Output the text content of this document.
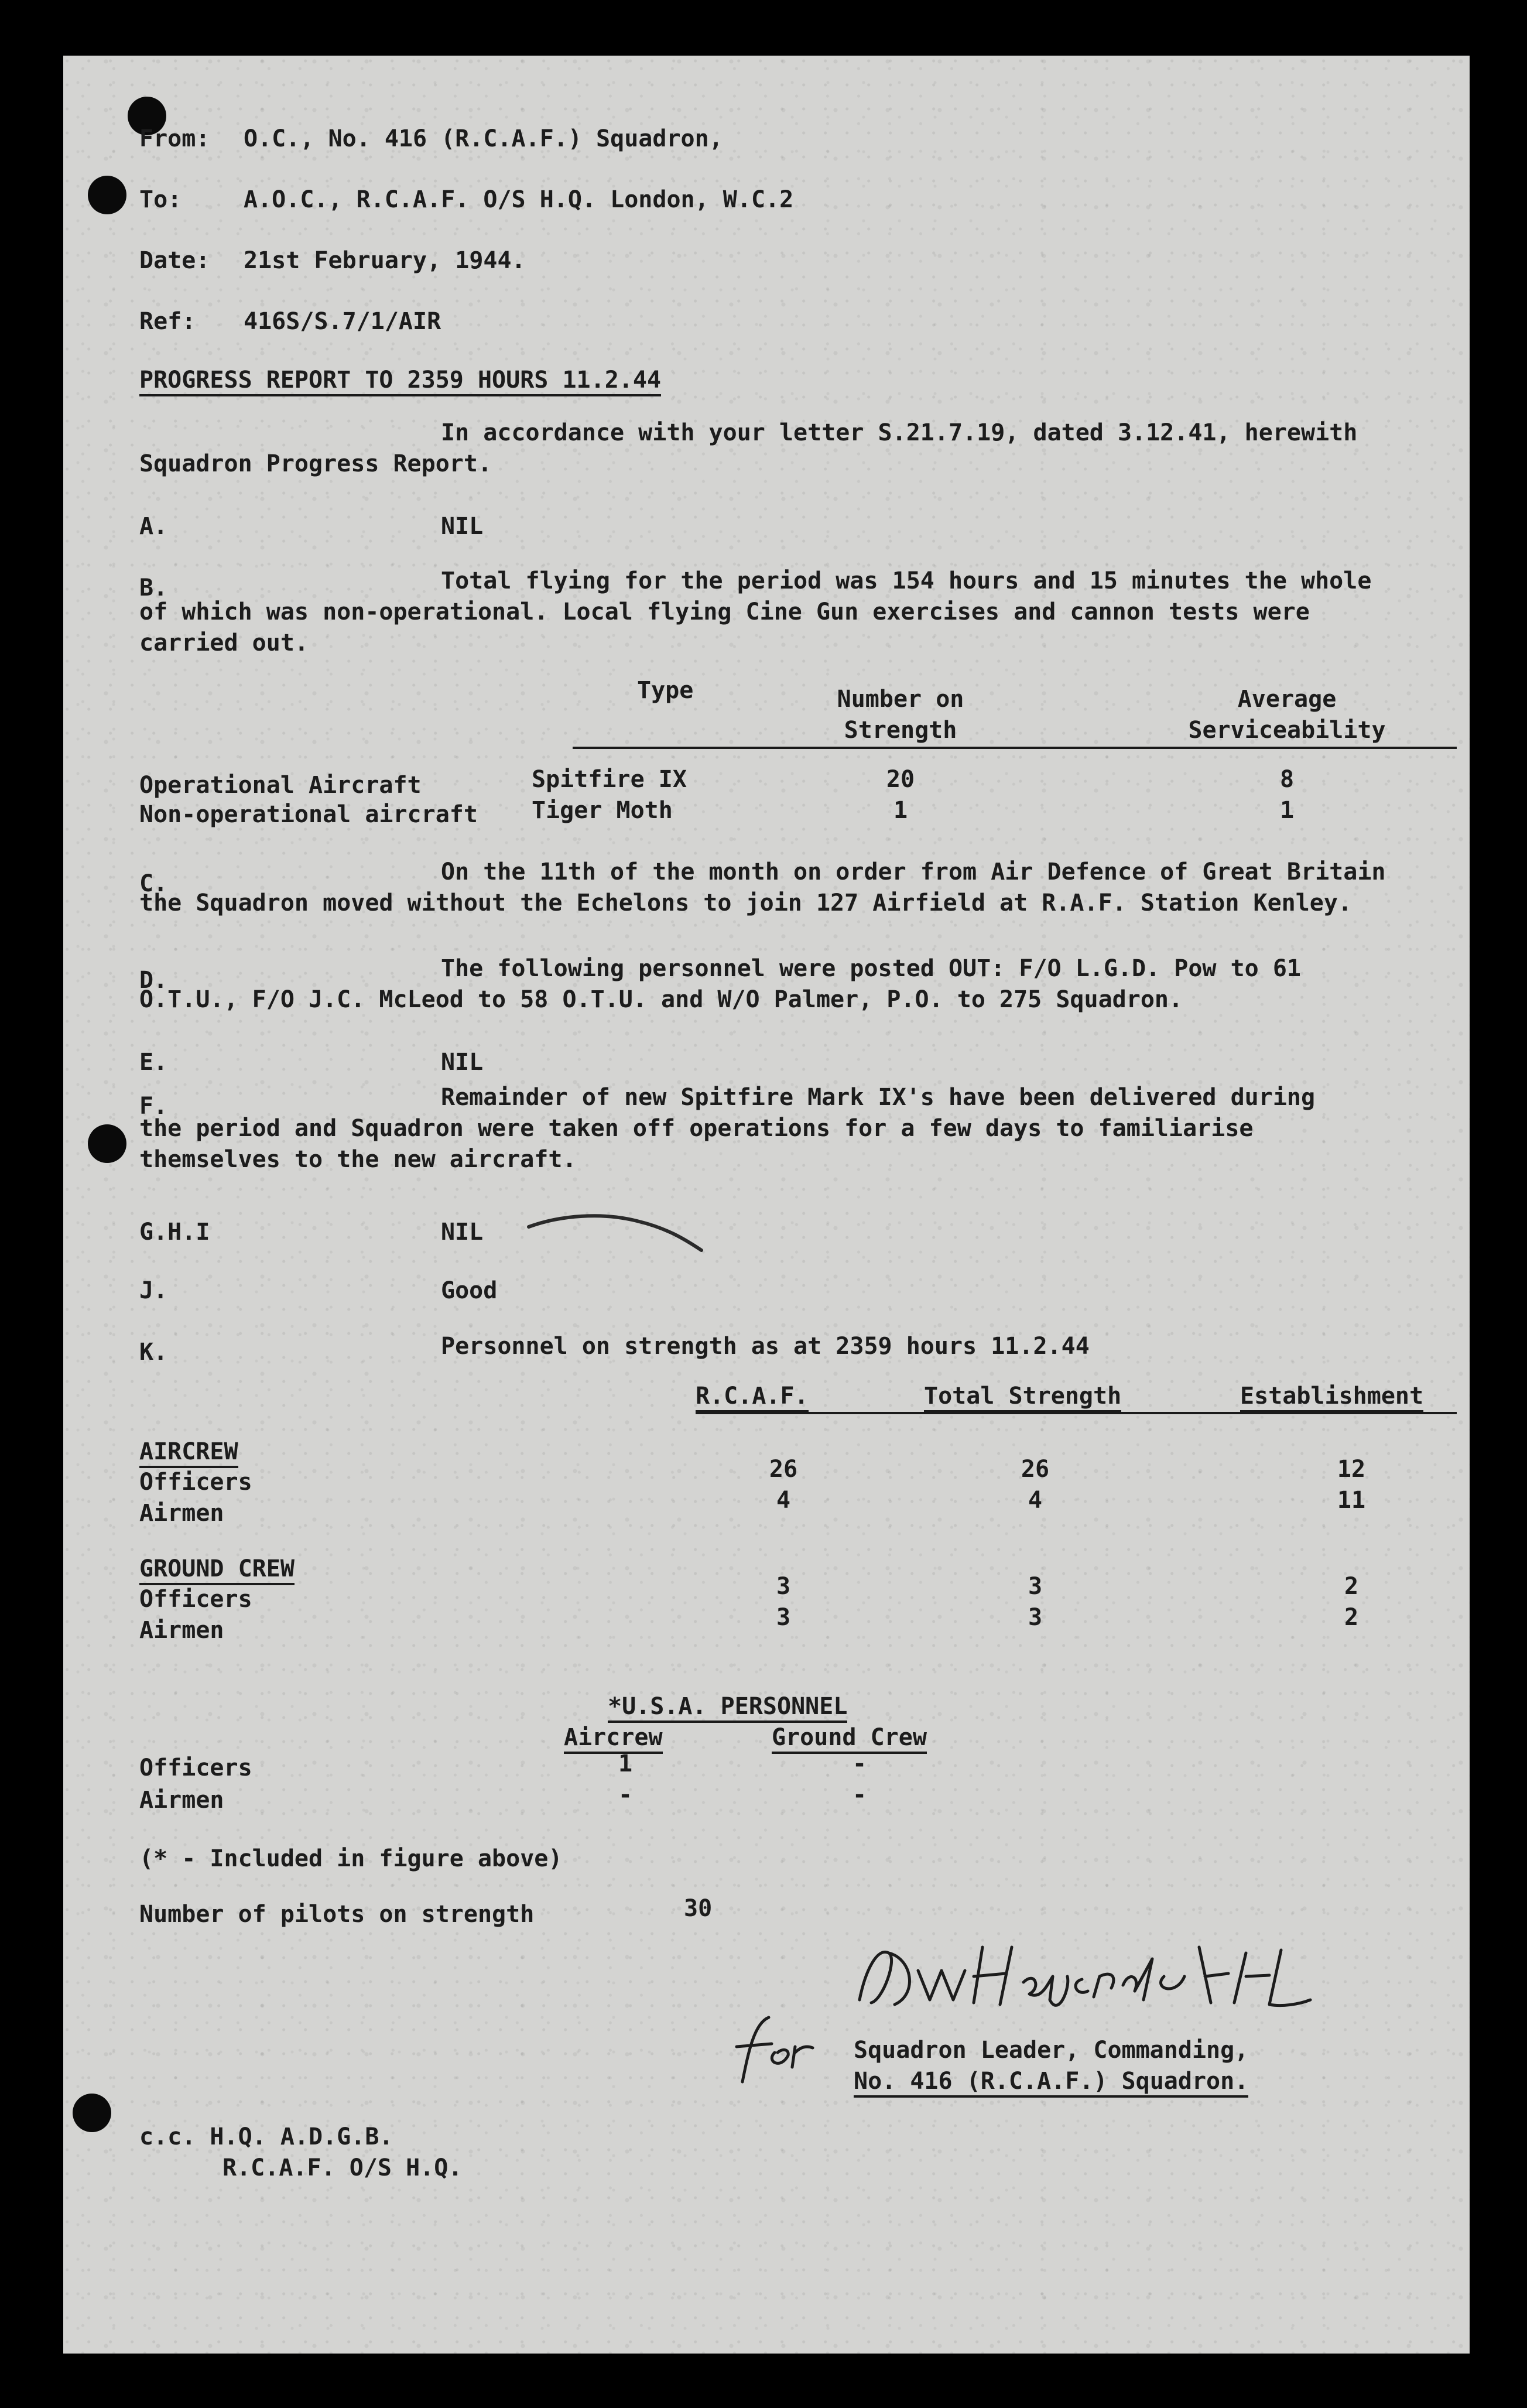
From: O.C., No. 416 (R.C.A.F.) Squadron,
To:	A.O.C., R.C.A.F. O/S H.Q. London, W.C.2
Date: 21st February, 1944.
Ref: 416S/S.7/1/AIR
PROGRESS REPORT TO 2359 HOURS 11.2.44
In accordance with your letter S.21.7.19, dated 3.12.41, herewith
Squadron Progress Report.
A.	NIL
B.	Total flying for the period was 154 hours and 15 minutes the whole
of which was non-operational. Local flying Cine Gun exercises and cannon tests were
carried out.
Type	Number on
Strength
Average
Serviceability
Operational Aircraft	Spitfire IX	20	8
Non-operational aircraft Tiger Moth	1	1
C.	On the 11th of the month on order from Air Defence of Great Britain
the Squadron moved without the Echelons to join 127 Airfield at R.A.F. Station Kenley.
D.	The following personnel were posted OUT: F/O L.G.D. Pow to 61
O.T.U., F/O J.C. McLeod to 58 O.T.U. and W/O Palmer, P.O. to 275 Squadron.
E.	NIL
F.	Remainder of new Spitfire Mark IX's have been delivered during
the period and Squadron were taken off operations for a few days to familiarise
themselves to the new aircraft.
G.H.I	NIL
J.	Good
K.	Personnel on strength as at 2359 hours 11.2.44
R.C.A.F.	Total Strength	Establishment
AIRCREW
Officers	26	26	12
Airmen	4	4	11
GROUND CREW
Officers	3	3	2
Airmen	3	3	2
*U.S.A. PERSONNEL
Aircrew	Ground Crew
Officers	1	-
Airmen	-	-
(* - Included in figure above)
Number of pilots on strength	30
for
Squadron Leader, Commanding,
No. 416 (R.C.A.F.) Squadron.
c.c. H.Q. A.D.G.B.
R.C.A.F. O/S H.Q.
